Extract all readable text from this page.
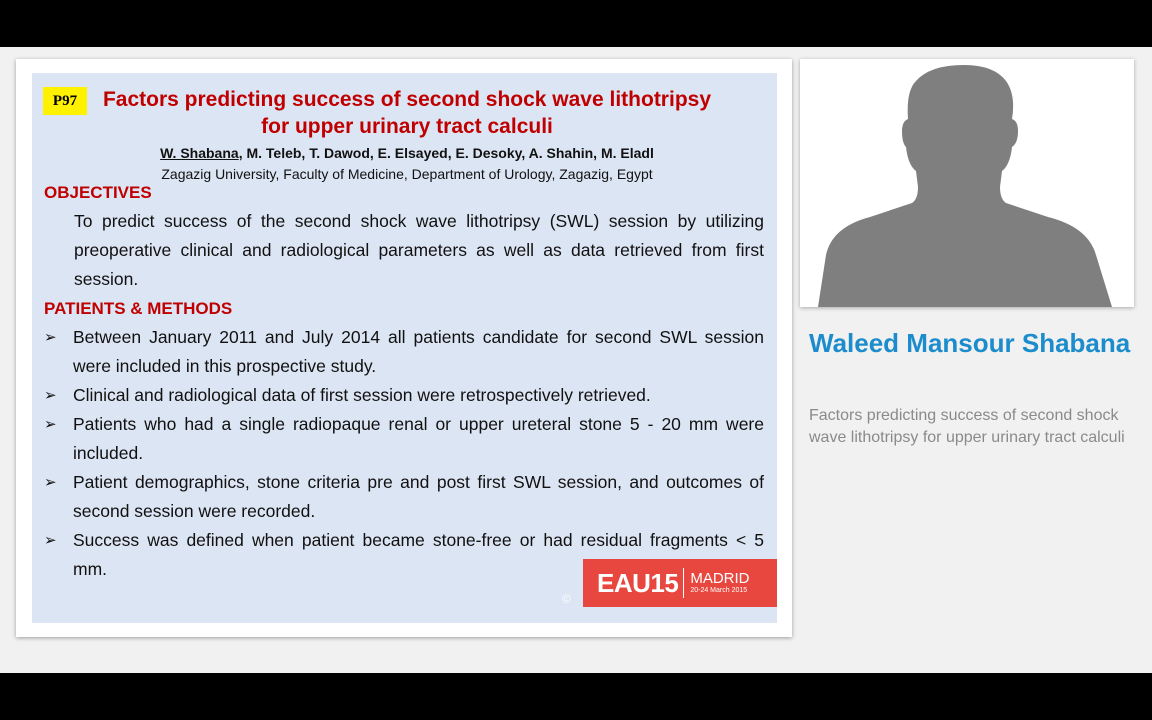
P97	Factors predicting success of second shock wave lithotripsy for upper urinary tract calculi
W. Shabana, M. Teleb, T. Dawod, E. Elsayed, E. Desoky, A. Shahin, M. Eladl
Zagazig University, Faculty of Medicine, Department of Urology, Zagazig, Egypt
OBJECTIVES
To predict success of the second shock wave lithotripsy (SWL) session by utilizing preoperative clinical and radiological parameters as well as data retrieved from first session.
PATIENTS & METHODS
➢ Between January 2011 and July 2014 all patients candidate for second SWL session were included in this prospective study.
➢ Clinical and radiological data of first session were retrospectively retrieved.
➢ Patients who had a single radiopaque renal or upper ureteral stone 5 - 20 mm were included.
➢ Patient demographics, stone criteria pre and post first SWL session, and outcomes of second session were recorded.
➢ Success was defined when patient became stone-free or had residual fragments < 5 mm.
©
EAU15 MADRID
20-24 March 2015
Waleed Mansour Shabana
Factors predicting success of second shock wave lithotripsy for upper urinary tract calculi
